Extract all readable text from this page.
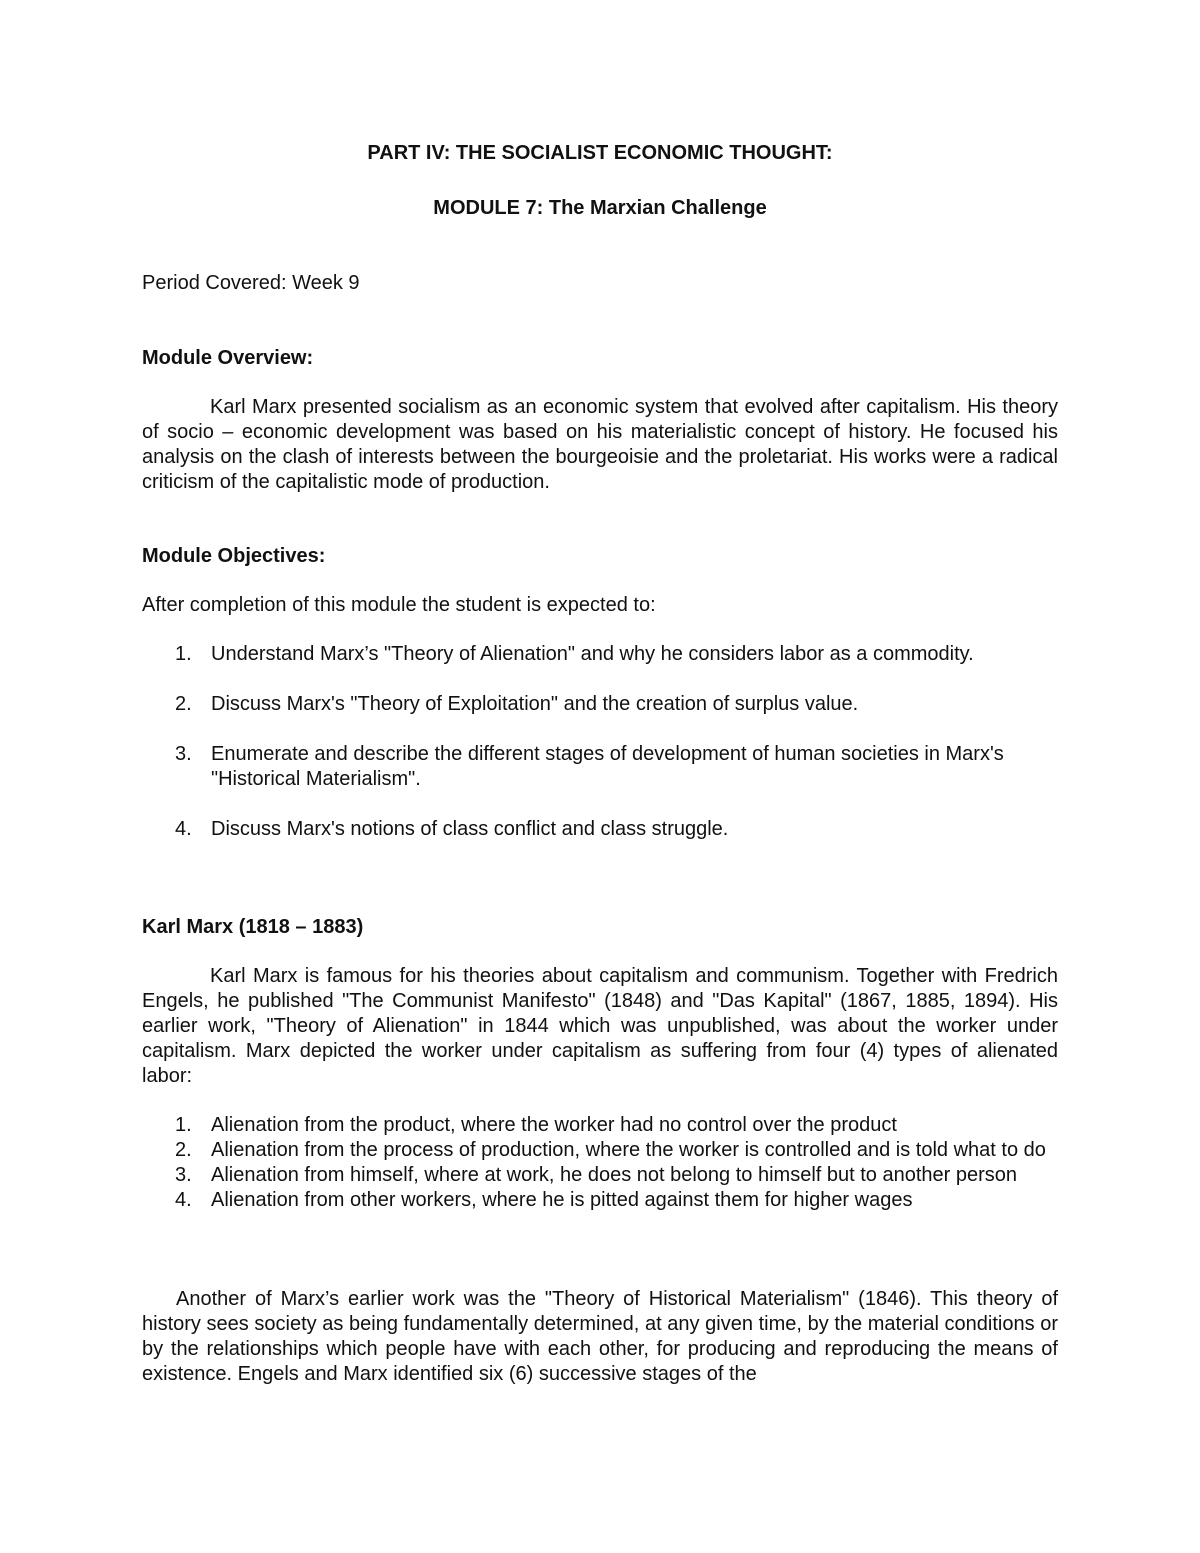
PART IV: THE SOCIALIST ECONOMIC THOUGHT:
MODULE 7: The Marxian Challenge
Period Covered: Week 9
Module Overview:
Karl Marx presented socialism as an economic system that evolved after capitalism. His theory of socio – economic development was based on his materialistic concept of history. He focused his analysis on the clash of interests between the bourgeoisie and the proletariat. His works were a radical criticism of the capitalistic mode of production.
Module Objectives:
After completion of this module the student is expected to:
1. Understand Marx’s "Theory of Alienation" and why he considers labor as a commodity.
2. Discuss Marx's "Theory of Exploitation" and the creation of surplus value.
3. Enumerate and describe the different stages of development of human societies in Marx's "Historical Materialism".
4. Discuss Marx's notions of class conflict and class struggle.
Karl Marx (1818 – 1883)
Karl Marx is famous for his theories about capitalism and communism. Together with Fredrich Engels, he published "The Communist Manifesto" (1848) and "Das Kapital" (1867, 1885, 1894). His earlier work, "Theory of Alienation" in 1844 which was unpublished, was about the worker under capitalism. Marx depicted the worker under capitalism as suffering from four (4) types of alienated labor:
1. Alienation from the product, where the worker had no control over the product
2. Alienation from the process of production, where the worker is controlled and is told what to do
3. Alienation from himself, where at work, he does not belong to himself but to another person
4. Alienation from other workers, where he is pitted against them for higher wages
Another of Marx’s earlier work was the "Theory of Historical Materialism" (1846). This theory of history sees society as being fundamentally determined, at any given time, by the material conditions or by the relationships which people have with each other, for producing and reproducing the means of existence. Engels and Marx identified six (6) successive stages of the
